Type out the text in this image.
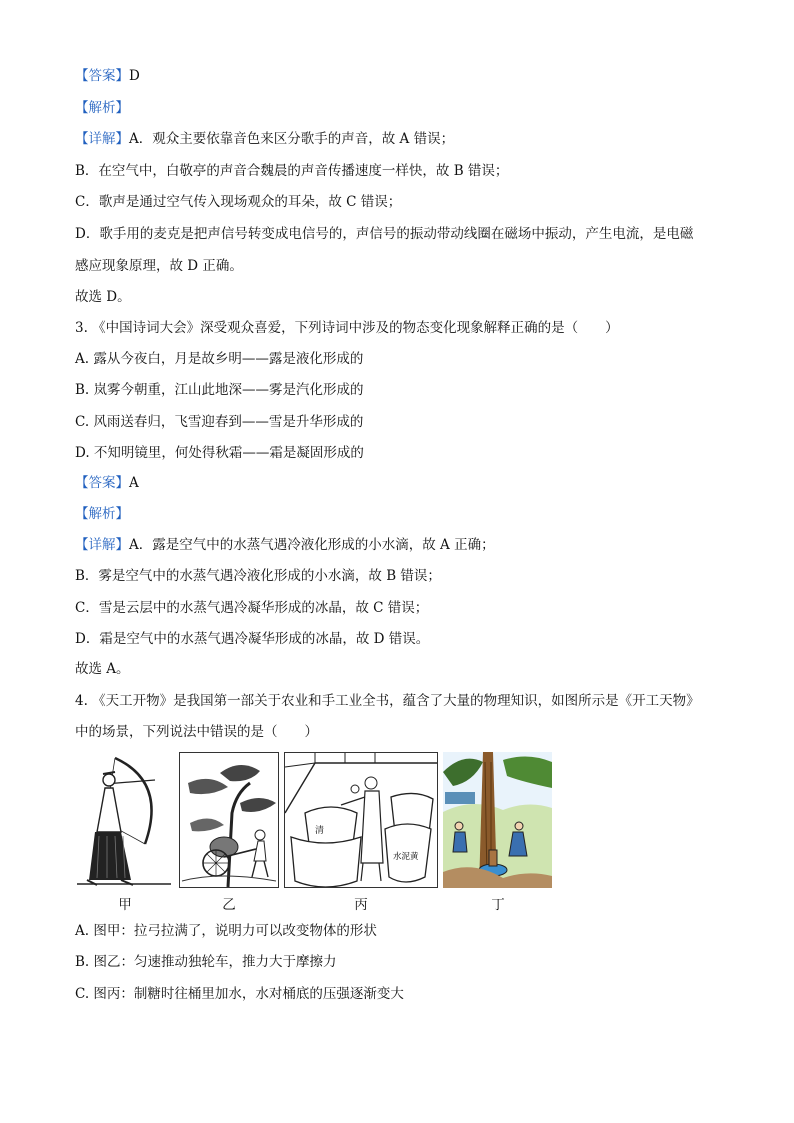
【答案】D
【解析】
【详解】A．观众主要依靠音色来区分歌手的声音，故 A 错误；
B．在空气中，白敬亭的声音合魏晨的声音传播速度一样快，故 B 错误；
C．歌声是通过空气传入现场观众的耳朵，故 C 错误；
D．歌手用的麦克是把声信号转变成电信号的，声信号的振动带动线圈在磁场中振动，产生电流，是电磁
感应现象原理，故 D 正确。
故选 D。
3. 《中国诗词大会》深受观众喜爱，下列诗词中涉及的物态变化现象解释正确的是（　　）
A. 露从今夜白，月是故乡明——露是液化形成的
B. 岚雾今朝重，江山此地深——雾是汽化形成的
C. 风雨送春归，飞雪迎春到——雪是升华形成的
D. 不知明镜里，何处得秋霜——霜是凝固形成的
【答案】A
【解析】
【详解】A．露是空气中的水蒸气遇冷液化形成的小水滴，故 A 正确；
B．雾是空气中的水蒸气遇冷液化形成的小水滴，故 B 错误；
C．雪是云层中的水蒸气遇冷凝华形成的冰晶，故 C 错误；
D．霜是空气中的水蒸气遇冷凝华形成的冰晶，故 D 错误。
故选 A。
4. 《天工开物》是我国第一部关于农业和手工业全书，蕴含了大量的物理知识，如图所示是《开工天物》
中的场景，下列说法中错误的是（　　）
清
水泥黄
甲	乙	丙	丁
A. 图甲：拉弓拉满了，说明力可以改变物体的形状
B. 图乙：匀速推动独轮车，推力大于摩擦力
C. 图丙：制糖时往桶里加水，水对桶底的压强逐渐变大
